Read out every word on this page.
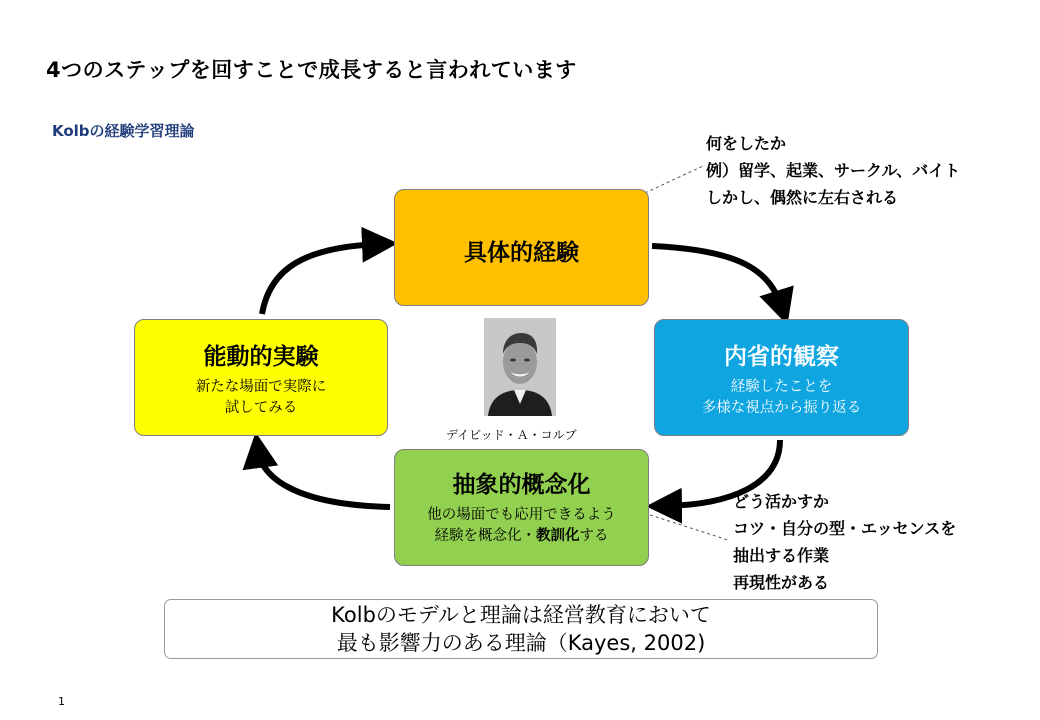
4つのステップを回すことで成長すると言われています
Kolbの経験学習理論
具体的経験
内省的観察
経験したことを
多様な視点から振り返る
抽象的概念化
他の場面でも応用できるよう
経験を概念化・教訓化する
能動的実験
新たな場面で実際に
試してみる
何をしたか
例）留学、起業、サークル、バイト
しかし、偶然に左右される
どう活かすか
コツ・自分の型・エッセンスを
抽出する作業
再現性がある
デイビッド・Ａ・コルブ
Kolbのモデルと理論は経営教育において
最も影響力のある理論（Kayes, 2002)
1
